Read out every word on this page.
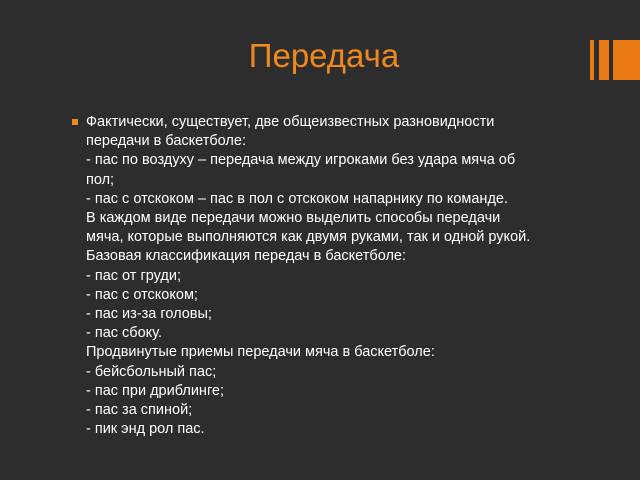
Передача
Фактически, существует, две общеизвестных разновидности
передачи в баскетболе:
- пас по воздуху – передача между игроками без удара мяча об
пол;
- пас с отскоком – пас в пол с отскоком напарнику по команде.
В каждом виде передачи можно выделить способы передачи
мяча, которые выполняются как двумя руками, так и одной рукой.
Базовая классификация передач в баскетболе:
- пас от груди;
- пас с отскоком;
- пас из-за головы;
- пас сбоку.
Продвинутые приемы передачи мяча в баскетболе:
- бейсбольный пас;
- пас при дриблинге;
- пас за спиной;
- пик энд рол пас.
